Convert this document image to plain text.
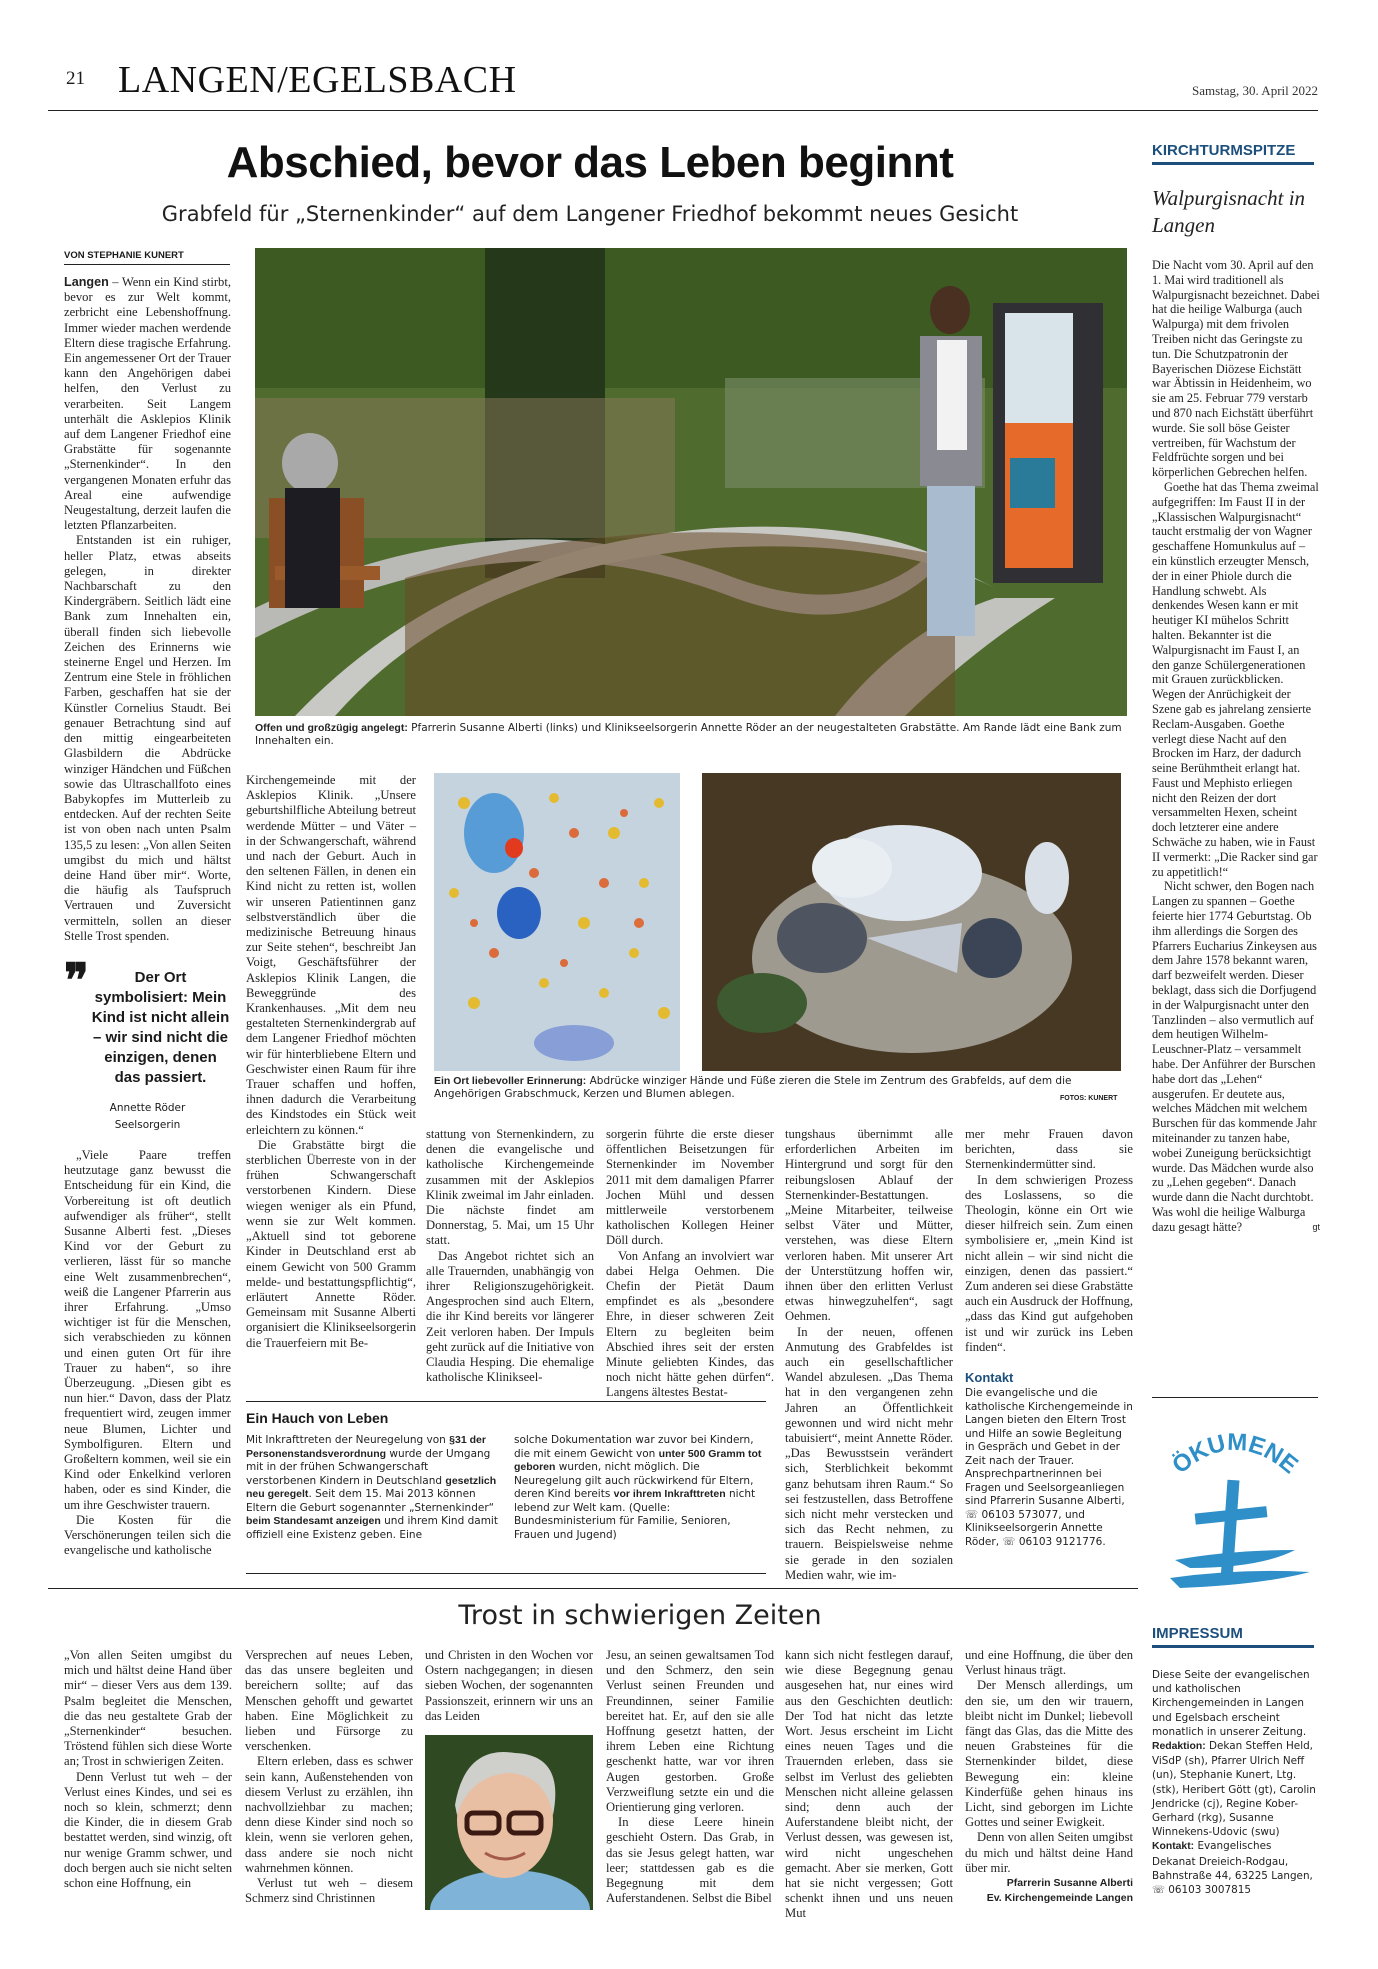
21 LANGEN/EGELSBACH	Samstag, 30. April 2022
Abschied, bevor das Leben beginnt
Grabfeld für „Sternenkinder“ auf dem Langener Friedhof bekommt neues Gesicht
VON STEPHANIE KUNERT

Langen – Wenn ein Kind stirbt, bevor es zur Welt kommt, zerbricht eine Lebenshoffnung. Immer wieder machen werdende Eltern diese tragische Erfahrung. Ein angemessener Ort der Trauer kann den Angehörigen dabei helfen, den Verlust zu verarbeiten. Seit Langem unterhält die Asklepios Klinik auf dem Langener Friedhof eine Grabstätte für sogenannte „Sternenkinder“. In den vergangenen Monaten erfuhr das Areal eine aufwendige Neugestaltung, derzeit laufen die letzten Pflanzarbeiten.

Entstanden ist ein ruhiger, heller Platz, etwas abseits gelegen, in direkter Nachbarschaft zu den Kindergräbern. Seitlich lädt eine Bank zum Innehalten ein, überall finden sich liebevolle Zeichen des Erinnerns wie steinerne Engel und Herzen. Im Zentrum eine Stele in fröhlichen Farben, geschaffen hat sie der Künstler Cornelius Staudt. Bei genauer Betrachtung sind auf den mittig eingearbeiteten Glasbildern die Abdrücke winziger Händchen und Füßchen sowie das Ultraschallfoto eines Babykopfes im Mutterleib zu entdecken. Auf der rechten Seite ist von oben nach unten Psalm 135,5 zu lesen: „Von allen Seiten umgibst du mich und hältst deine Hand über mir“. Worte, die häufig als Taufspruch Vertrauen und Zuversicht vermitteln, sollen an dieser Stelle Trost spenden.

❞	Der Ort symbolisiert: Mein Kind ist nicht allein – wir sind nicht die einzigen, denen das passiert.
Annette Röder
Seelsorgerin

„Viele Paare treffen heutzutage ganz bewusst die Entscheidung für ein Kind, die Vorbereitung ist oft deutlich aufwendiger als früher“, stellt Susanne Alberti fest. „Dieses Kind vor der Geburt zu verlieren, lässt für so manche eine Welt zusammenbrechen“, weiß die Langener Pfarrerin aus ihrer Erfahrung. „Umso wichtiger ist für die Menschen, sich verabschieden zu können und einen guten Ort für ihre Trauer zu haben“, so ihre Überzeugung. „Diesen gibt es nun hier.“ Davon, dass der Platz frequentiert wird, zeugen immer neue Blumen, Lichter und Symbolfiguren. Eltern und Großeltern kommen, weil sie ein Kind oder Enkelkind verloren haben, oder es sind Kinder, die um ihre Geschwister trauern.

Die Kosten für die Verschönerungen teilen sich die evangelische und katholische

Offen und großzügig angelegt: Pfarrerin Susanne Alberti (links) und Klinikseelsorgerin Annette Röder an der neugestalteten Grabstätte. Am Rande lädt eine Bank zum Innehalten ein.

Kirchengemeinde mit der Asklepios Klinik. „Unsere geburtshilfliche Abteilung betreut werdende Mütter – und Väter – in der Schwangerschaft, während und nach der Geburt. Auch in den seltenen Fällen, in denen ein Kind nicht zu retten ist, wollen wir unseren Patientinnen ganz selbstverständlich über die medizinische Betreuung hinaus zur Seite stehen“, beschreibt Jan Voigt, Geschäftsführer der Asklepios Klinik Langen, die Beweggründe des Krankenhauses. „Mit dem neu gestalteten Sternenkindergrab auf dem Langener Friedhof möchten wir für hinterbliebene Eltern und Geschwister einen Raum für ihre Trauer schaffen und hoffen, ihnen dadurch die Verarbeitung des Kindstodes ein Stück weit erleichtern zu können.“

Die Grabstätte birgt die sterblichen Überreste von in der frühen Schwangerschaft verstorbenen Kindern. Diese wiegen weniger als ein Pfund, wenn sie zur Welt kommen. „Aktuell sind tot geborene Kinder in Deutschland erst ab einem Gewicht von 500 Gramm melde- und bestattungspflichtig“, erläutert Annette Röder. Gemeinsam mit Susanne Alberti organisiert die Klinikseelsorgerin die Trauerfeiern mit Be-

Ein Ort liebevoller Erinnerung: Abdrücke winziger Hände und Füße zieren die Stele im Zentrum des Grabfelds, auf dem die Angehörigen Grabschmuck, Kerzen und Blumen ablegen.	FOTOS: KUNERT

stattung von Sternenkindern, zu denen die evangelische und katholische Kirchengemeinde zusammen mit der Asklepios Klinik zweimal im Jahr einladen. Die nächste findet am Donnerstag, 5. Mai, um 15 Uhr statt.

Das Angebot richtet sich an alle Trauernden, unabhängig von ihrer Religionszugehörigkeit. Angesprochen sind auch Eltern, die ihr Kind bereits vor längerer Zeit verloren haben. Der Impuls geht zurück auf die Initiative von Claudia Hesping. Die ehemalige katholische Klinikseel-

sorgerin führte die erste dieser öffentlichen Beisetzungen für Sternenkinder im November 2011 mit dem damaligen Pfarrer Jochen Mühl und dessen mittlerweile verstorbenem katholischen Kollegen Heiner Döll durch.

Von Anfang an involviert war dabei Helga Oehmen. Die Chefin der Pietät Daum empfindet es als „besondere Ehre, in dieser schweren Zeit Eltern zu begleiten beim Abschied ihres seit der ersten Minute geliebten Kindes, das noch nicht hätte gehen dürfen“. Langens ältestes Bestat-

tungshaus übernimmt alle erforderlichen Arbeiten im Hintergrund und sorgt für den reibungslosen Ablauf der Sternenkinder-Bestattungen. „Meine Mitarbeiter, teilweise selbst Väter und Mütter, verstehen, was diese Eltern verloren haben. Mit unserer Art der Unterstützung hoffen wir, ihnen über den erlitten Verlust etwas hinwegzuhelfen“, sagt Oehmen.

In der neuen, offenen Anmutung des Grabfeldes ist auch ein gesellschaftlicher Wandel abzulesen. „Das Thema hat in den vergangenen zehn Jahren an Öffentlichkeit gewonnen und wird nicht mehr tabuisiert“, meint Annette Röder. „Das Bewusstsein verändert sich, Sterblichkeit bekommt ganz behutsam ihren Raum.“ So sei festzustellen, dass Betroffene sich nicht mehr verstecken und sich das Recht nehmen, zu trauern. Beispielsweise nehme sie gerade in den sozialen Medien wahr, wie im-

mer mehr Frauen davon berichten, dass sie Sternenkindermütter sind.

In dem schwierigen Prozess des Loslassens, so die Theologin, könne ein Ort wie dieser hilfreich sein. Zum einen symbolisiere er, „mein Kind ist nicht allein – wir sind nicht die einzigen, denen das passiert.“ Zum anderen sei diese Grabstätte auch ein Ausdruck der Hoffnung, „dass das Kind gut aufgehoben ist und wir zurück ins Leben finden“.

Kontakt
Die evangelische und die katholische Kirchengemeinde in Langen bieten den Eltern Trost und Hilfe an sowie Begleitung in Gespräch und Gebet in der Zeit nach der Trauer. Ansprechpartnerinnen bei Fragen und Seelsorgeanliegen sind Pfarrerin Susanne Alberti, ☏ 06103 573077, und Klinikseelsorgerin Annette Röder, ☏ 06103 9121776.
Ein Hauch von Leben
Mit Inkrafttreten der Neuregelung von §31 der Personenstandsverordnung wurde der Umgang mit in der frühen Schwangerschaft verstorbenen Kindern in Deutschland gesetzlich neu geregelt. Seit dem 15. Mai 2013 können Eltern die Geburt sogenannter „Sternenkinder“ beim Standesamt anzeigen und ihrem Kind damit offiziell eine Existenz geben. Eine
solche Dokumentation war zuvor bei Kindern, die mit einem Gewicht von unter 500 Gramm tot geboren wurden, nicht möglich. Die Neuregelung gilt auch rückwirkend für Eltern, deren Kind bereits vor ihrem Inkrafttreten nicht lebend zur Welt kam. (Quelle: Bundesministerium für Familie, Senioren, Frauen und Jugend)
KIRCHTURMSPITZE
Walpurgisnacht in Langen

Die Nacht vom 30. April auf den 1. Mai wird traditionell als Walpurgisnacht bezeichnet. Dabei hat die heilige Walburga (auch Walpurga) mit dem frivolen Treiben nicht das Geringste zu tun. Die Schutzpatronin der Bayerischen Diözese Eichstätt war Äbtissin in Heidenheim, wo sie am 25. Februar 779 verstarb und 870 nach Eichstätt überführt wurde. Sie soll böse Geister vertreiben, für Wachstum der Feldfrüchte sorgen und bei körperlichen Gebrechen helfen.

Goethe hat das Thema zweimal aufgegriffen: Im Faust II in der „Klassischen Walpurgisnacht“ taucht erstmalig der von Wagner geschaffene Homunkulus auf – ein künstlich erzeugter Mensch, der in einer Phiole durch die Handlung schwebt. Als denkendes Wesen kann er mit heutiger KI mühelos Schritt halten. Bekannter ist die Walpurgisnacht im Faust I, an den ganze Schülergenerationen mit Grauen zurückblicken. Wegen der Anrüchigkeit der Szene gab es jahrelang zensierte Reclam-Ausgaben. Goethe verlegt diese Nacht auf den Brocken im Harz, der dadurch seine Berühmtheit erlangt hat. Faust und Mephisto erliegen nicht den Reizen der dort versammelten Hexen, scheint doch letzterer eine andere Schwäche zu haben, wie in Faust II vermerkt: „Die Racker sind gar zu appetitlich!“

Nicht schwer, den Bogen nach Langen zu spannen – Goethe feierte hier 1774 Geburtstag. Ob ihm allerdings die Sorgen des Pfarrers Eucharius Zinkeysen aus dem Jahre 1578 bekannt waren, darf bezweifelt werden. Dieser beklagt, dass sich die Dorfjugend in der Walpurgisnacht unter den Tanzlinden – also vermutlich auf dem heutigen Wilhelm-Leuschner-Platz – versammelt habe. Der Anführer der Burschen habe dort das „Lehen“ ausgerufen. Er deutete aus, welches Mädchen mit welchem Burschen für das kommende Jahr miteinander zu tanzen habe, wobei Zuneigung berücksichtigt wurde. Das Mädchen wurde also zu „Lehen gegeben“. Danach wurde dann die Nacht durchtobt. Was wohl die heilige Walburga dazu gesagt hätte?	gt

ÖKUMENE
Trost in schwierigen Zeiten

„Von allen Seiten umgibst du mich und hältst deine Hand über mir“ – dieser Vers aus dem 139. Psalm begleitet die Menschen, die das neu gestaltete Grab der „Sternenkinder“ besuchen. Tröstend fühlen sich diese Worte an; Trost in schwierigen Zeiten.

Denn Verlust tut weh – der Verlust eines Kindes, und sei es noch so klein, schmerzt; denn die Kinder, die in diesem Grab bestattet werden, sind winzig, oft nur wenige Gramm schwer, und doch bergen auch sie nicht selten schon eine Hoffnung, ein

Versprechen auf neues Leben, das das unsere begleiten und bereichern sollte; auf das Menschen gehofft und gewartet haben. Eine Möglichkeit zu lieben und Fürsorge zu verschenken.

Eltern erleben, dass es schwer sein kann, Außenstehenden von diesem Verlust zu erzählen, ihn nachvollziehbar zu machen; denn diese Kinder sind noch so klein, wenn sie verloren gehen, dass andere sie noch nicht wahrnehmen können.

Verlust tut weh – diesem Schmerz sind Christinnen

und Christen in den Wochen vor Ostern nachgegangen; in diesen sieben Wochen, der sogenannten Passionszeit, erinnern wir uns an das Leiden

Jesu, an seinen gewaltsamen Tod und den Schmerz, den sein Verlust seinen Freunden und Freundinnen, seiner Familie bereitet hat. Er, auf den sie alle Hoffnung gesetzt hatten, der ihrem Leben eine Richtung geschenkt hatte, war vor ihren Augen gestorben. Große Verzweiflung setzte ein und die Orientierung ging verloren.

In diese Leere hinein geschieht Ostern. Das Grab, in das sie Jesus gelegt hatten, war leer; stattdessen gab es die Begegnung mit dem Auferstandenen. Selbst die Bibel

kann sich nicht festlegen darauf, wie diese Begegnung genau ausgesehen hat, nur eines wird aus den Geschichten deutlich: Der Tod hat nicht das letzte Wort. Jesus erscheint im Licht eines neuen Tages und die Trauernden erleben, dass sie selbst im Verlust des geliebten Menschen nicht alleine gelassen sind; denn auch der Auferstandene bleibt nicht, der Verlust dessen, was gewesen ist, wird nicht ungeschehen gemacht. Aber sie merken, Gott hat sie nicht vergessen; Gott schenkt ihnen und uns neuen Mut

und eine Hoffnung, die über den Verlust hinaus trägt.

Der Mensch allerdings, um den sie, um den wir trauern, bleibt nicht im Dunkel; liebevoll fängt das Glas, das die Mitte des neuen Grabsteines für die Sternenkinder bildet, diese Bewegung ein: kleine Kinderfüße gehen hinaus ins Licht, sind geborgen im Lichte Gottes und seiner Ewigkeit.

Denn von allen Seiten umgibst du mich und hältst deine Hand über mir.

Pfarrerin Susanne Alberti
Ev. Kirchengemeinde Langen
IMPRESSUM
Diese Seite der evangelischen und katholischen Kirchengemeinden in Langen und Egelsbach erscheint monatlich in unserer Zeitung.
Redaktion: Dekan Steffen Held, ViSdP (sh), Pfarrer Ulrich Neff (un), Stephanie Kunert, Ltg. (stk), Heribert Gött (gt), Carolin Jendricke (cj), Regine Kober-Gerhard (rkg), Susanne Winnekens-Udovic (swu)
Kontakt: Evangelisches Dekanat Dreieich-Rodgau, Bahnstraße 44, 63225 Langen, ☏ 06103 3007815
